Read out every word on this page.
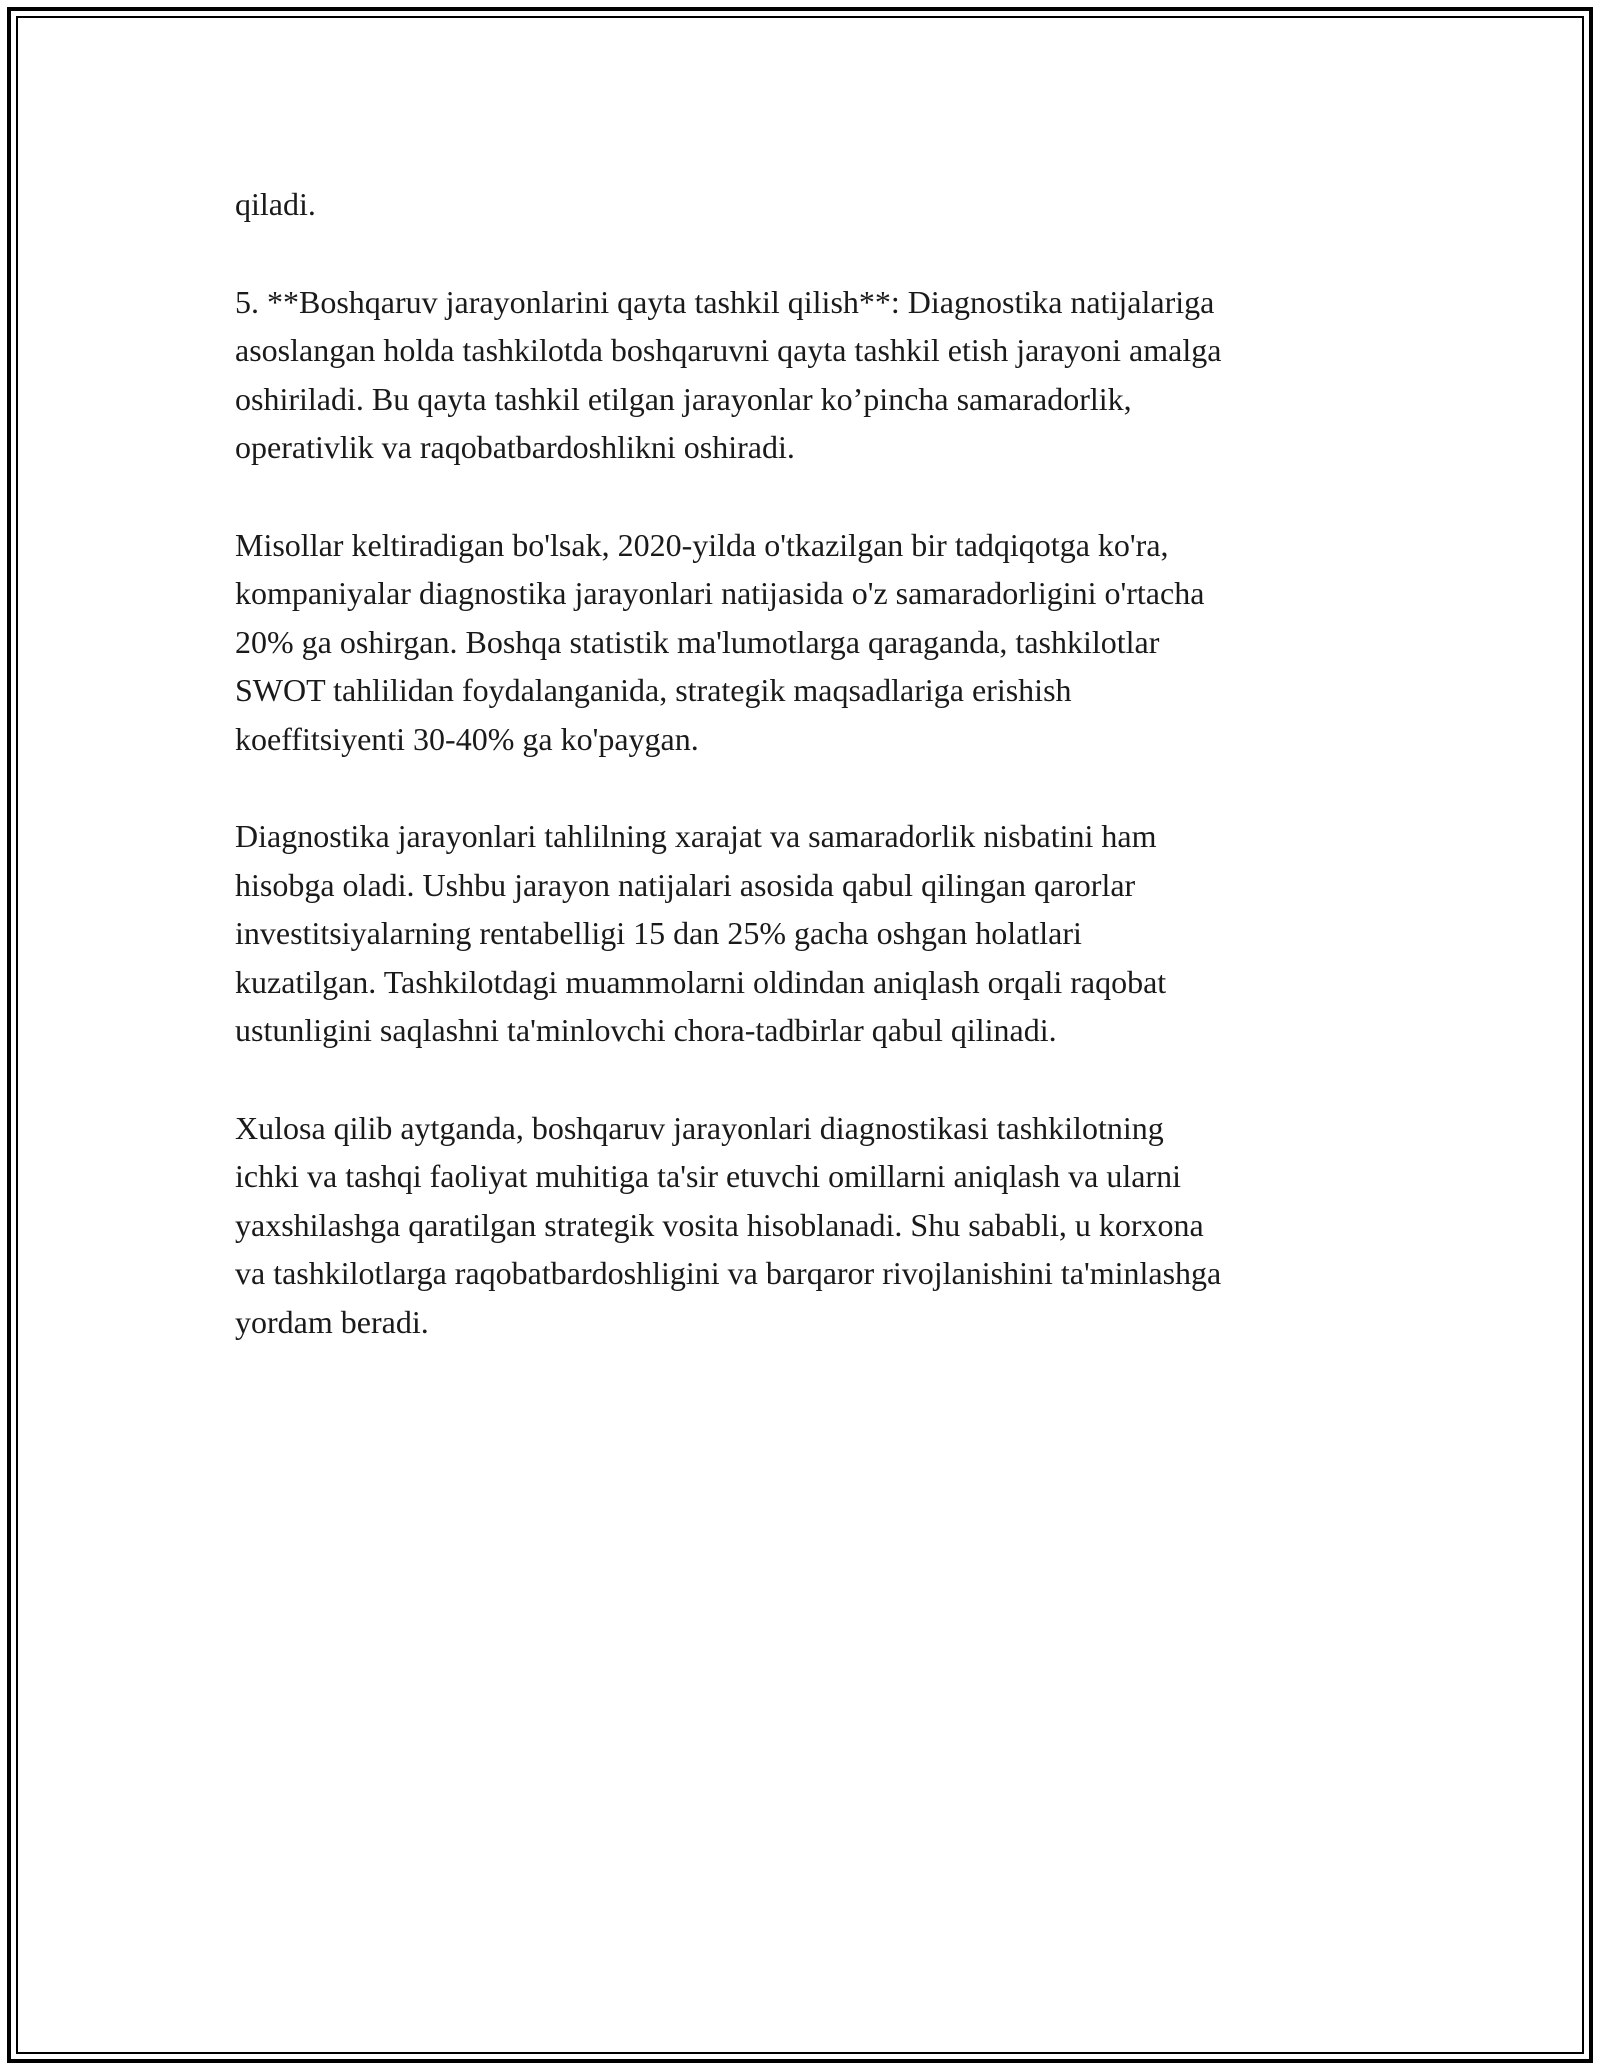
qiladi.

5. **Boshqaruv jarayonlarini qayta tashkil qilish**: Diagnostika natijalariga
asoslangan holda tashkilotda boshqaruvni qayta tashkil etish jarayoni amalga
oshiriladi. Bu qayta tashkil etilgan jarayonlar ko’pincha samaradorlik,
operativlik va raqobatbardoshlikni oshiradi.

Misollar keltiradigan bo'lsak, 2020-yilda o'tkazilgan bir tadqiqotga ko'ra,
kompaniyalar diagnostika jarayonlari natijasida o'z samaradorligini o'rtacha
20% ga oshirgan. Boshqa statistik ma'lumotlarga qaraganda, tashkilotlar
SWOT tahlilidan foydalanganida, strategik maqsadlariga erishish
koeffitsiyenti 30-40% ga ko'paygan.

Diagnostika jarayonlari tahlilning xarajat va samaradorlik nisbatini ham
hisobga oladi. Ushbu jarayon natijalari asosida qabul qilingan qarorlar
investitsiyalarning rentabelligi 15 dan 25% gacha oshgan holatlari
kuzatilgan. Tashkilotdagi muammolarni oldindan aniqlash orqali raqobat
ustunligini saqlashni ta'minlovchi chora-tadbirlar qabul qilinadi.

Xulosa qilib aytganda, boshqaruv jarayonlari diagnostikasi tashkilotning
ichki va tashqi faoliyat muhitiga ta'sir etuvchi omillarni aniqlash va ularni
yaxshilashga qaratilgan strategik vosita hisoblanadi. Shu sababli, u korxona
va tashkilotlarga raqobatbardoshligini va barqaror rivojlanishini ta'minlashga
yordam beradi.
